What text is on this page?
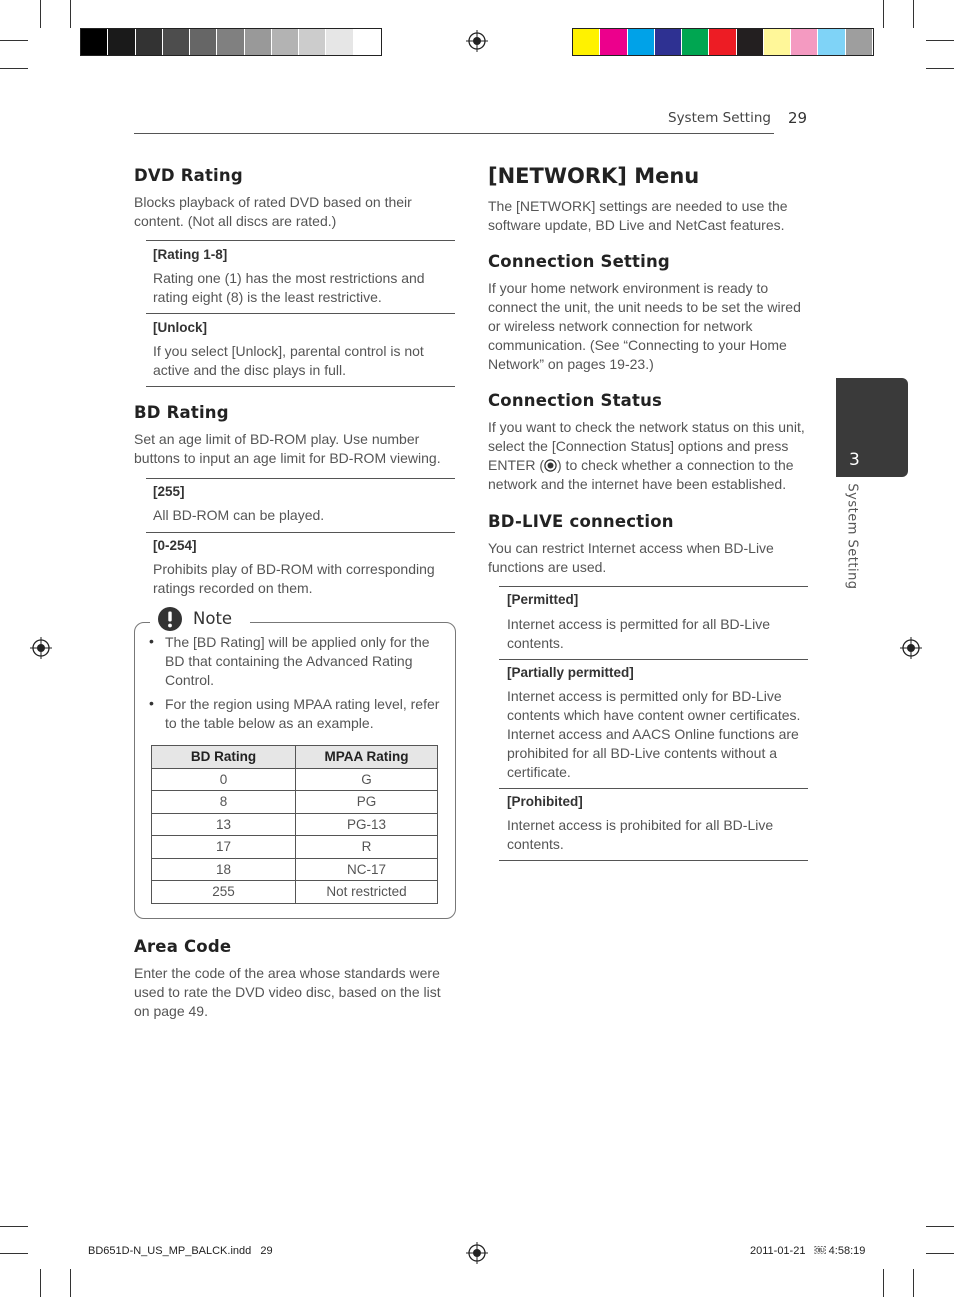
System Setting 29
3
System Setting
DVD Rating

Blocks playback of rated DVD based on their content. (Not all discs are rated.)

[Rating 1-8]

Rating one (1) has the most restrictions and rating eight (8) is the least restrictive.

[Unlock]

If you select [Unlock], parental control is not active and the disc plays in full.

BD Rating

Set an age limit of BD-ROM play. Use number buttons to input an age limit for BD-ROM viewing.

[255]

All BD-ROM can be played.

[0-254]

Prohibits play of BD-ROM with corresponding ratings recorded on them.

Note
• The [BD Rating] will be applied only for the BD that containing the Advanced Rating Control.

• For the region using MPAA rating level, refer to the table below as an example.

BD Rating	MPAA Rating
0	G
8	PG
13	PG-13
17	R
18	NC-17
255	Not restricted
Area Code

Enter the code of the area whose standards were used to rate the DVD video disc, based on the list on page 49.

[NETWORK] Menu

The [NETWORK] settings are needed to use the software update, BD Live and NetCast features.

Connection Setting

If your home network environment is ready to connect the unit, the unit needs to be set the wired or wireless network connection for network communication. (See “Connecting to your Home Network” on pages 19-23.)

Connection Status

If you want to check the network status on this unit, select the [Connection Status] options and press ENTER ( ) to check whether a connection to the network and the internet have been established.

BD-LIVE connection

You can restrict Internet access when BD-Live functions are used.

[Permitted]

Internet access is permitted for all BD-Live contents.

[Partially permitted]

Internet access is permitted only for BD-Live contents which have content owner certificates. Internet access and AACS Online functions are prohibited for all BD-Live contents without a certificate.

[Prohibited]

Internet access is prohibited for all BD-Live contents.

BD651D-N_US_MP_BALCK.indd   29	2011-01-21   ￼ 4:58:19
